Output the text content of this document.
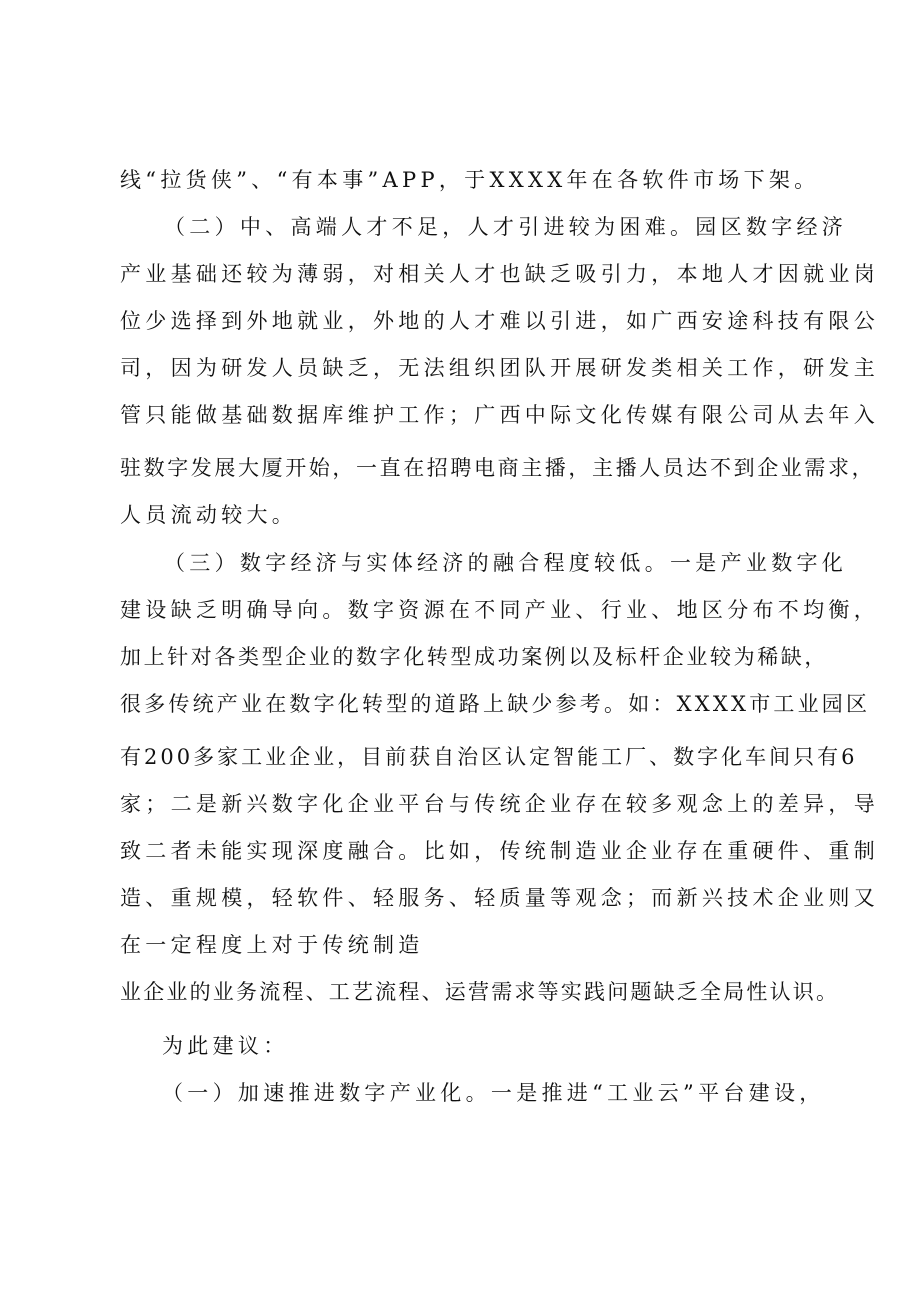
线“拉货侠”、“有本事”APP，于XXXX年在各软件市场下架。
（二）中、高端人才不足，人才引进较为困难。园区数字经济
产业基础还较为薄弱，对相关人才也缺乏吸引力，本地人才因就业岗
位少选择到外地就业，外地的人才难以引进，如广西安途科技有限公
司，因为研发人员缺乏，无法组织团队开展研发类相关工作，研发主
管只能做基础数据库维护工作；广西中际文化传媒有限公司从去年入
驻数字发展大厦开始，一直在招聘电商主播，主播人员达不到企业需求，
人员流动较大。
（三）数字经济与实体经济的融合程度较低。一是产业数字化
建设缺乏明确导向。数字资源在不同产业、行业、地区分布不均衡，
加上针对各类型企业的数字化转型成功案例以及标杆企业较为稀缺，
很多传统产业在数字化转型的道路上缺少参考。如：XXXX市工业园区
有200多家工业企业，目前获自治区认定智能工厂、数字化车间只有6
家；二是新兴数字化企业平台与传统企业存在较多观念上的差异，导
致二者未能实现深度融合。比如，传统制造业企业存在重硬件、重制
造、重规模，轻软件、轻服务、轻质量等观念；而新兴技术企业则又
在一定程度上对于传统制造
业企业的业务流程、工艺流程、运营需求等实践问题缺乏全局性认识。
为此建议：
（一）加速推进数字产业化。一是推进“工业云”平台建设，
